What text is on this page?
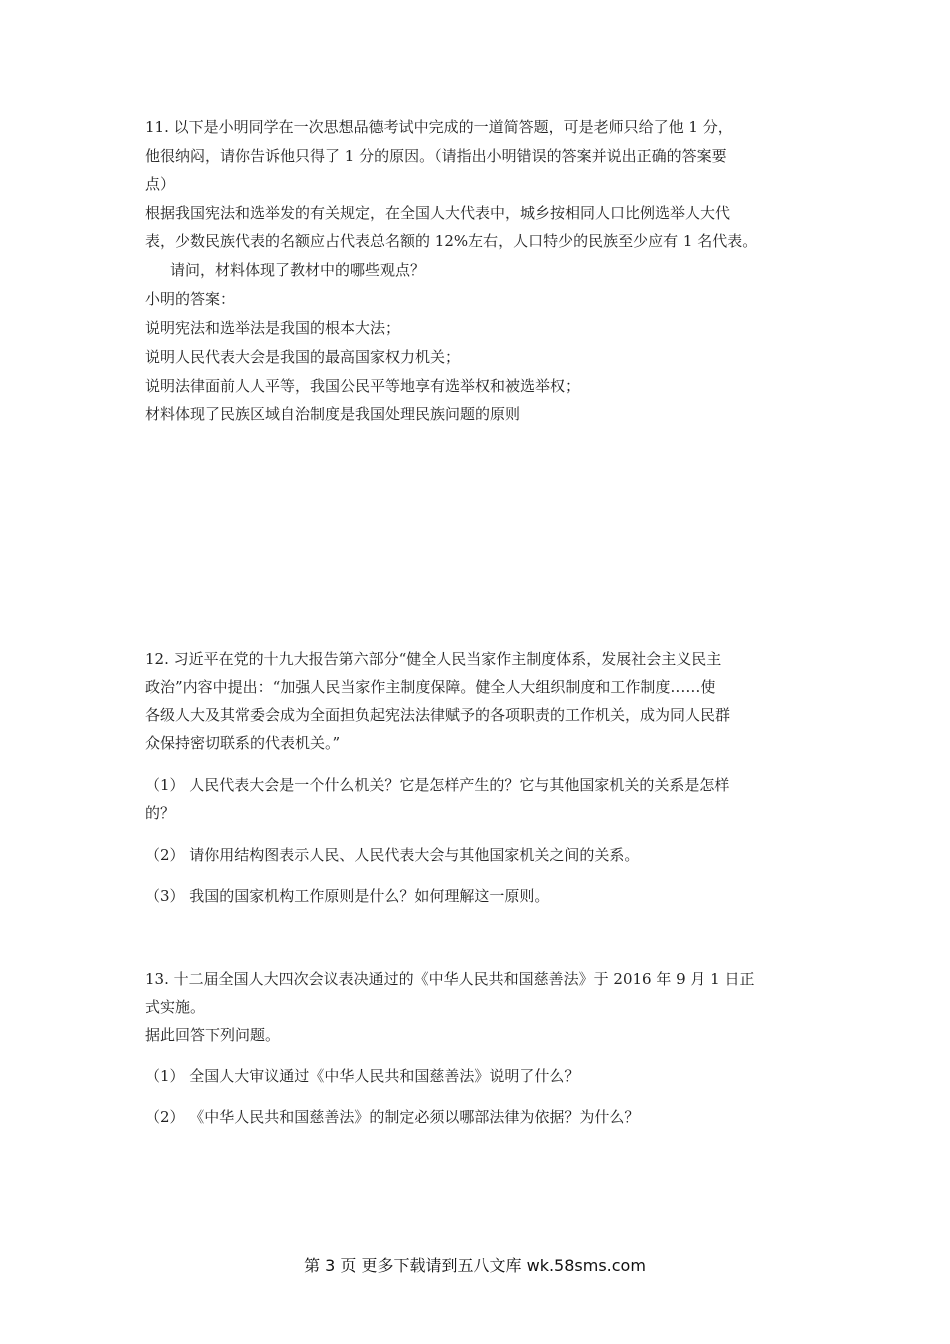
11. 以下是小明同学在一次思想品德考试中完成的一道简答题，可是老师只给了他 1 分，
他很纳闷，请你告诉他只得了 1 分的原因。（请指出小明错误的答案并说出正确的答案要
点）
根据我国宪法和选举发的有关规定，在全国人大代表中，城乡按相同人口比例选举人大代
表，少数民族代表的名额应占代表总名额的 12%左右，人口特少的民族至少应有 1 名代表。
请问，材料体现了教材中的哪些观点？
小明的答案：
说明宪法和选举法是我国的根本大法；
说明人民代表大会是我国的最高国家权力机关；
说明法律面前人人平等，我国公民平等地享有选举权和被选举权；
材料体现了民族区域自治制度是我国处理民族问题的原则
12. 习近平在党的十九大报告第六部分“健全人民当家作主制度体系，发展社会主义民主
政治”内容中提出：“加强人民当家作主制度保障。健全人大组织制度和工作制度……使
各级人大及其常委会成为全面担负起宪法法律赋予的各项职责的工作机关，成为同人民群
众保持密切联系的代表机关。”
（1） 人民代表大会是一个什么机关？它是怎样产生的？它与其他国家机关的关系是怎样
的？
（2） 请你用结构图表示人民、人民代表大会与其他国家机关之间的关系。
（3） 我国的国家机构工作原则是什么？如何理解这一原则。
13. 十二届全国人大四次会议表决通过的《中华人民共和国慈善法》于 2016 年 9 月 1 日正
式实施。
据此回答下列问题。
（1） 全国人大审议通过《中华人民共和国慈善法》说明了什么？
（2） 《中华人民共和国慈善法》的制定必须以哪部法律为依据？为什么？
第 3 页 更多下载请到五八文库 wk.58sms.com
